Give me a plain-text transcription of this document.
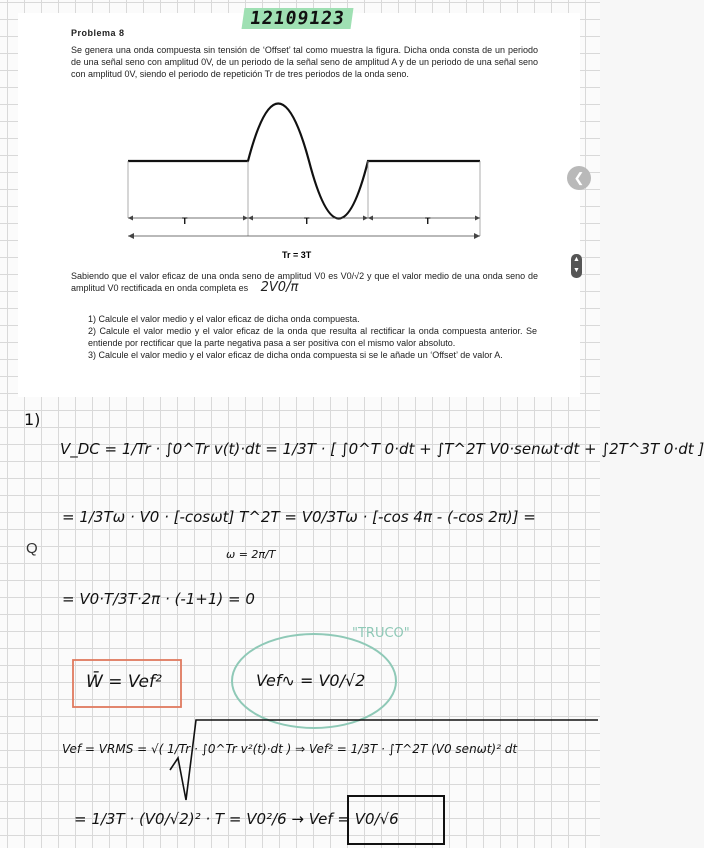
12109123
Problema 8
Se genera una onda compuesta sin tensión de ‘Offset’ tal como muestra la figura. Dicha onda consta de un periodo de una señal seno con amplitud 0V, de un periodo de la señal seno de amplitud A y de un periodo de una señal seno con amplitud 0V, siendo el periodo de repetición Tr de tres periodos de la onda seno.
T	T	T
Tr = 3T
Sabiendo que el valor eficaz de una onda seno de amplitud V0 es V0/√2 y que el valor medio de una onda seno de amplitud V0 rectificada en onda completa es 2V0/π
1) Calcule el valor medio y el valor eficaz de dicha onda compuesta.
2) Calcule el valor medio y el valor eficaz de la onda que resulta al rectificar la onda compuesta anterior. Se entiende por rectificar que la parte negativa pasa a ser positiva con el mismo valor absoluto.
3) Calcule el valor medio y el valor eficaz de dicha onda compuesta si se le añade un ‘Offset’ de valor A.
❮
▲
▼
1)
V_DC = 1/Tr · ∫0^Tr v(t)·dt = 1/3T · [ ∫0^T 0·dt + ∫T^2T V0·senωt·dt + ∫2T^3T 0·dt ]
= 1/3Tω · V0 · [-cosωt] T^2T = V0/3Tω · [-cos 4π - (-cos 2π)] =
ω = 2π/T
Q
= V0·T/3T·2π · (-1+1) = 0
"TRUCO"
W̄ = Vef²	Vef∿ = V0/√2
Vef = VRMS = √( 1/Tr · ∫0^Tr v²(t)·dt ) ⇒ Vef² = 1/3T · ∫T^2T (V0 senωt)² dt
= 1/3T · (V0/√2)² · T = V0²/6 → Vef = V0/√6
